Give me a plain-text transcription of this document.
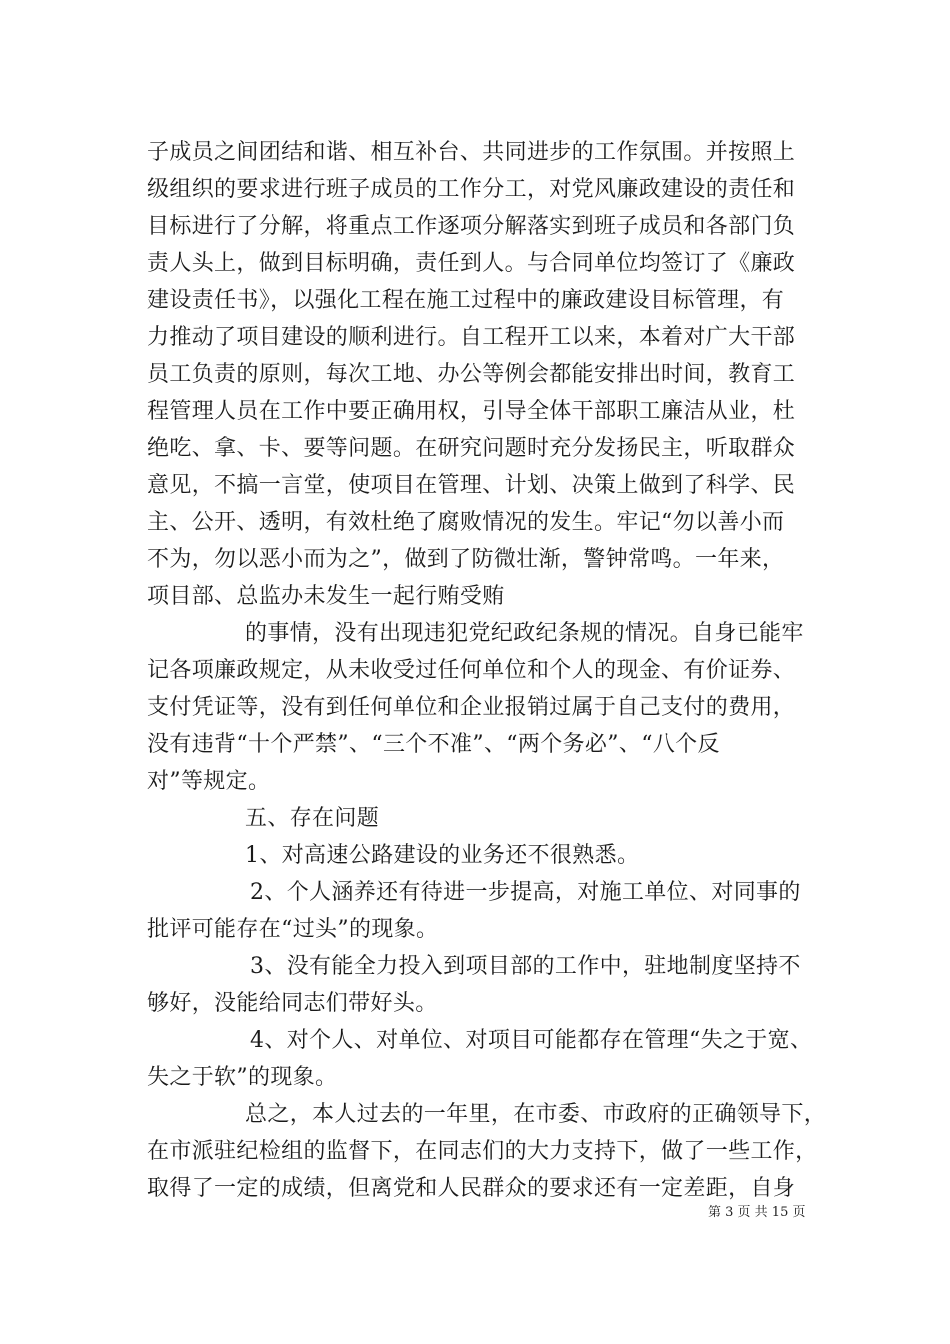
子成员之间团结和谐、相互补台、共同进步的工作氛围。并按照上
级组织的要求进行班子成员的工作分工，对党风廉政建设的责任和
目标进行了分解，将重点工作逐项分解落实到班子成员和各部门负
责人头上，做到目标明确，责任到人。与合同单位均签订了《廉政
建设责任书》，以强化工程在施工过程中的廉政建设目标管理，有
力推动了项目建设的顺利进行。自工程开工以来，本着对广大干部
员工负责的原则，每次工地、办公等例会都能安排出时间，教育工
程管理人员在工作中要正确用权，引导全体干部职工廉洁从业，杜
绝吃、拿、卡、要等问题。在研究问题时充分发扬民主，听取群众
意见，不搞一言堂，使项目在管理、计划、决策上做到了科学、民
主、公开、透明，有效杜绝了腐败情况的发生。牢记“勿以善小而
不为，勿以恶小而为之”，做到了防微壮渐，警钟常鸣。一年来，
项目部、总监办未发生一起行贿受贿
的事情，没有出现违犯党纪政纪条规的情况。自身已能牢
记各项廉政规定，从未收受过任何单位和个人的现金、有价证券、
支付凭证等，没有到任何单位和企业报销过属于自己支付的费用，
没有违背“十个严禁”、“三个不准”、“两个务必”、“八个反
对”等规定。
五、存在问题
1、对高速公路建设的业务还不很熟悉。
2、个人涵养还有待进一步提高，对施工单位、对同事的
批评可能存在“过头”的现象。
3、没有能全力投入到项目部的工作中，驻地制度坚持不
够好，没能给同志们带好头。
4、对个人、对单位、对项目可能都存在管理“失之于宽、
失之于软”的现象。
总之，本人过去的一年里，在市委、市政府的正确领导下，
在市派驻纪检组的监督下，在同志们的大力支持下，做了一些工作，
取得了一定的成绩，但离党和人民群众的要求还有一定差距，自身
第 3 页 共 15 页
